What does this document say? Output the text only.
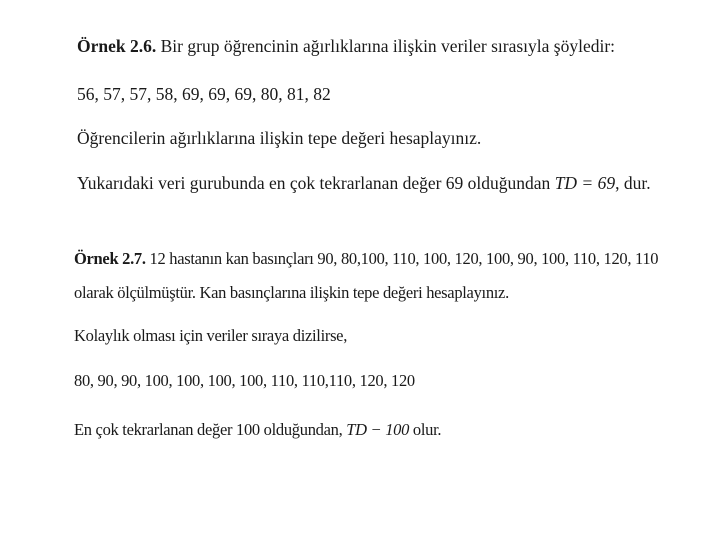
Örnek 2.6. Bir grup öğrencinin ağırlıklarına ilişkin veriler sırasıyla şöyledir:
56, 57, 57, 58, 69, 69, 69, 80, 81, 82
Öğrencilerin ağırlıklarına ilişkin tepe değeri hesaplayınız.
Yukarıdaki veri gurubunda en çok tekrarlanan değer 69 olduğundan TD = 69, dur.
Örnek 2.7. 12 hastanın kan basınçları 90, 80,100, 110, 100, 120, 100, 90, 100, 110, 120, 110
olarak ölçülmüştür. Kan basınçlarına ilişkin tepe değeri hesaplayınız.
Kolaylık olması için veriler sıraya dizilirse,
80, 90, 90, 100, 100, 100, 100, 110, 110,110, 120, 120
En çok tekrarlanan değer 100 olduğundan, TD − 100 olur.
